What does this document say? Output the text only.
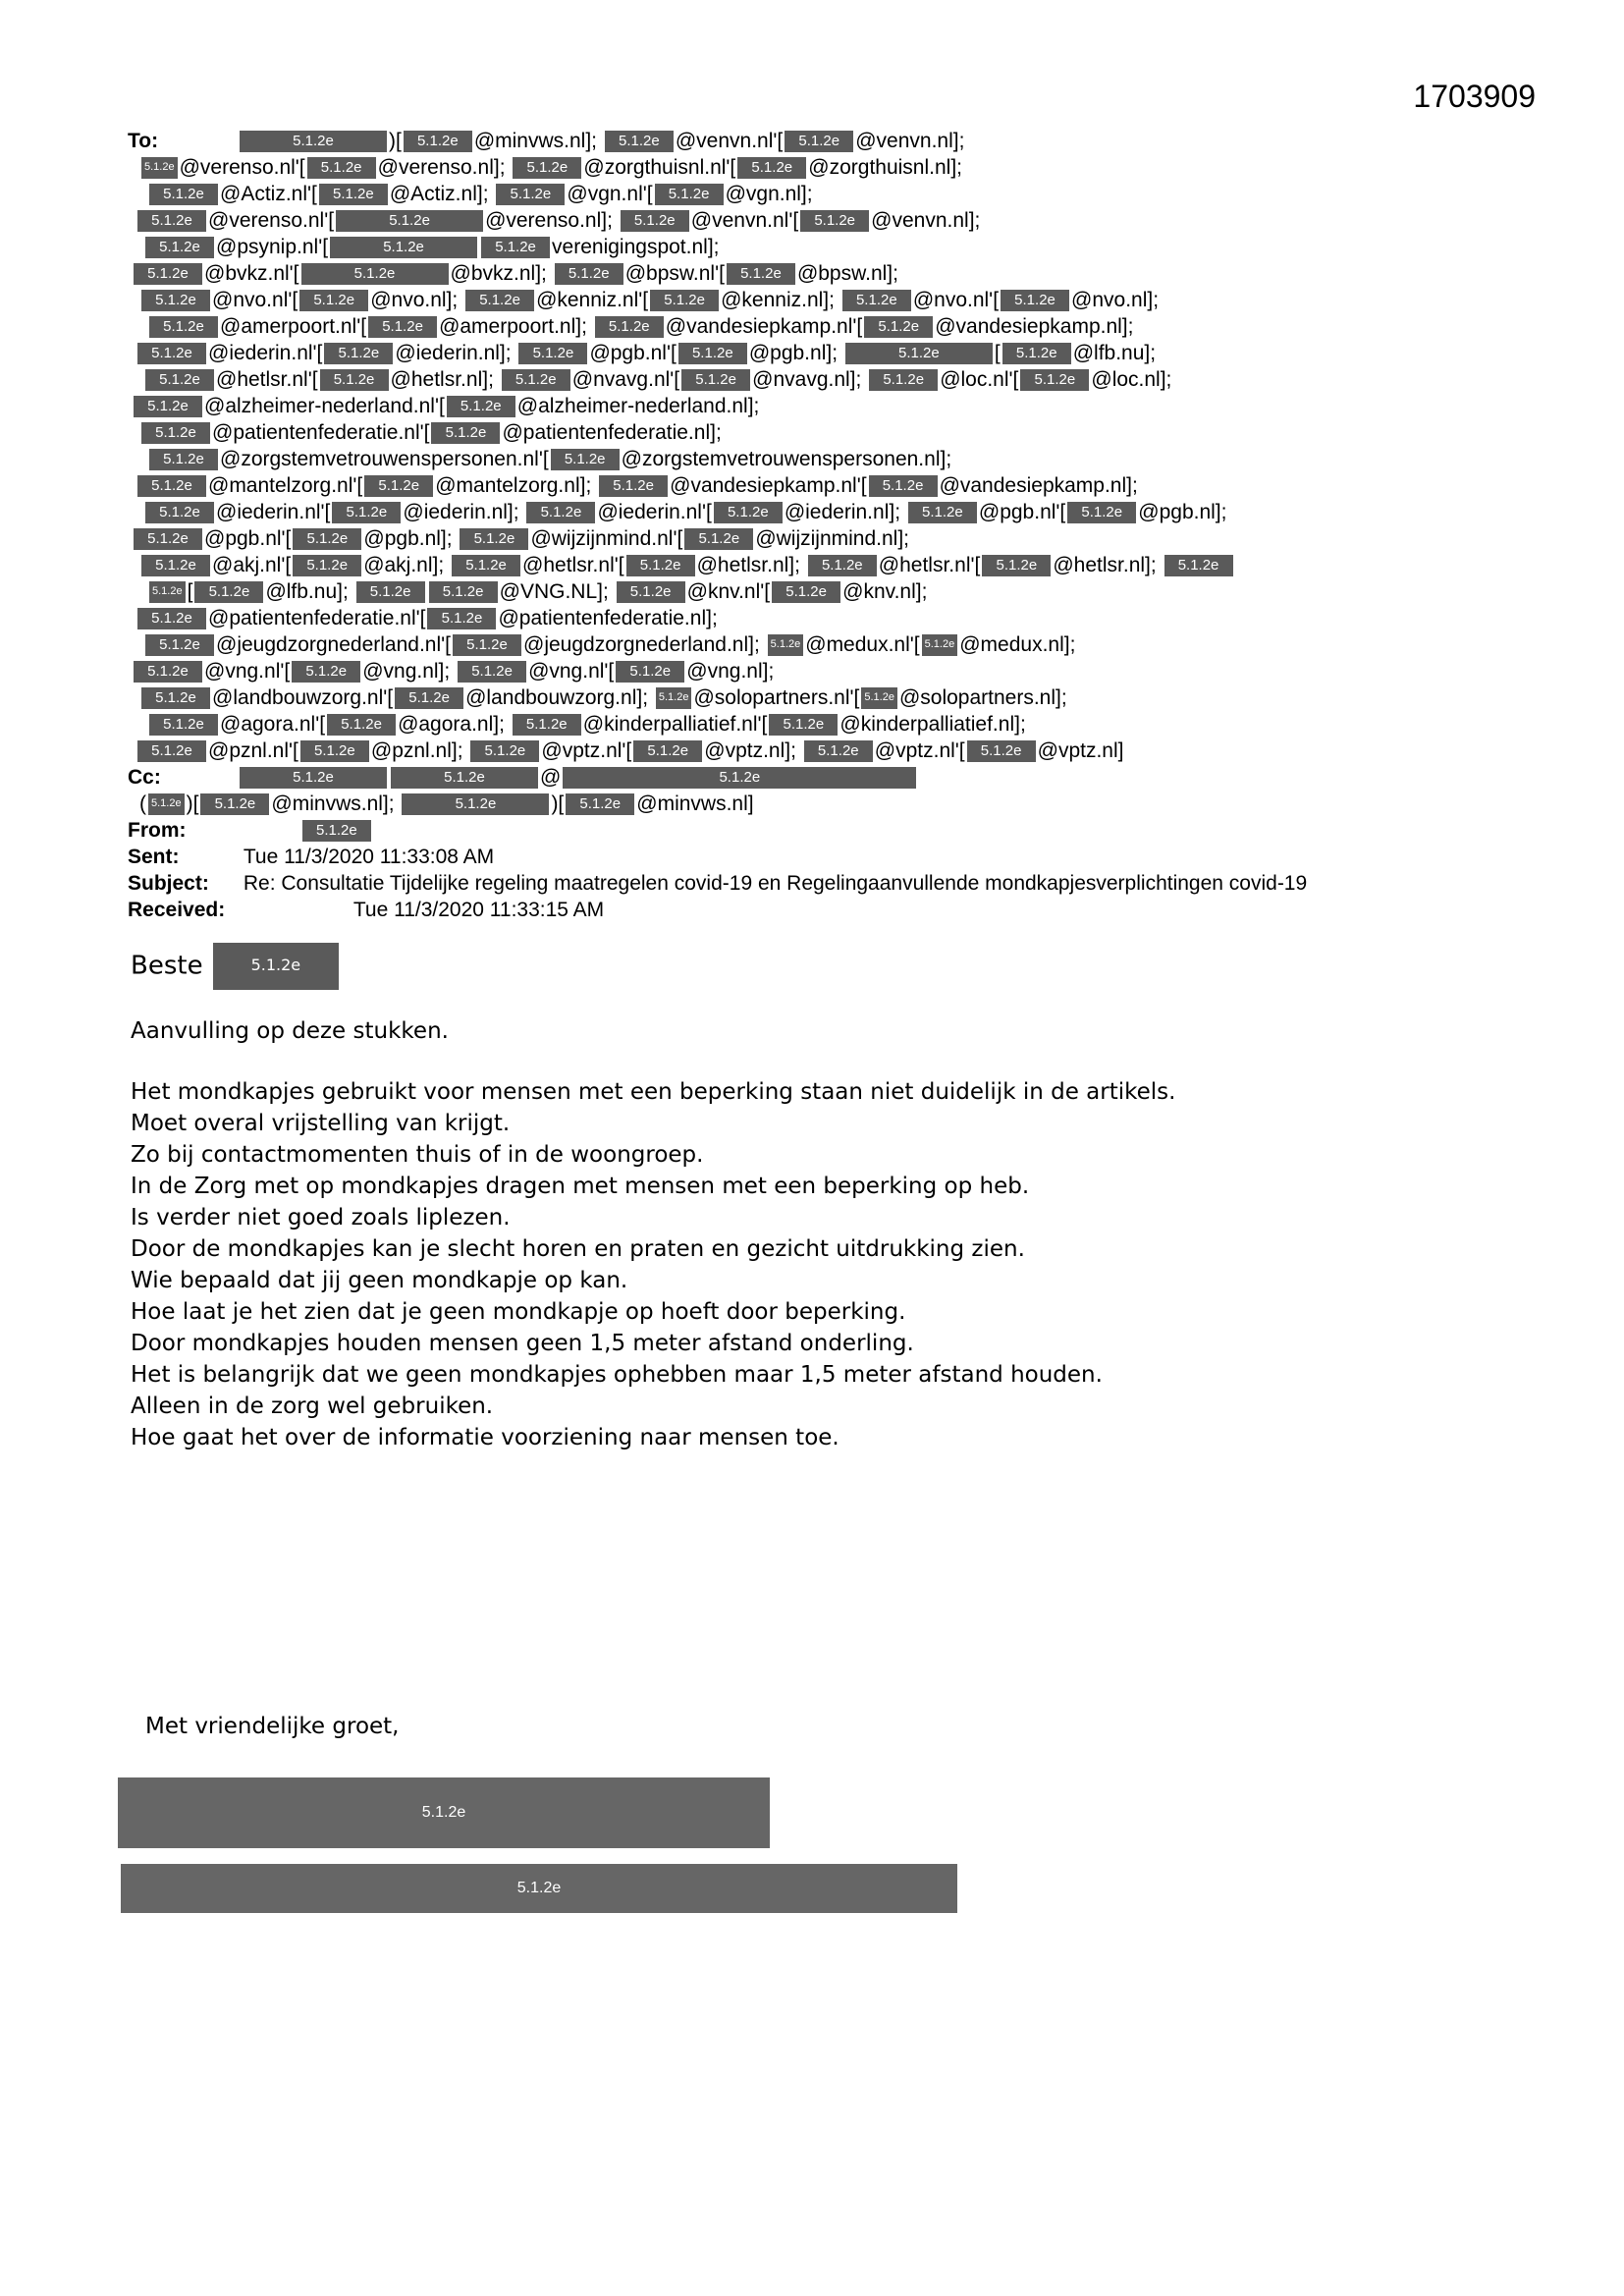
1703909
To:	5.1.2e	)[ 5.1.2e @minvws.nl]; 5.1.2e @venvn.nl'[ 5.1.2e @venvn.nl];
5.1.2e @verenso.nl'[ 5.1.2e @verenso.nl]; 5.1.2e @zorgthuisnl.nl'[ 5.1.2e @zorgthuisnl.nl];
5.1.2e @Actiz.nl'[ 5.1.2e @Actiz.nl]; 5.1.2e @vgn.nl'[ 5.1.2e @vgn.nl];
5.1.2e @verenso.nl'[	5.1.2e	@verenso.nl]; 5.1.2e @venvn.nl'[ 5.1.2e @venvn.nl];
5.1.2e @psynip.nl'[	5.1.2e	5.1.2e verenigingspot.nl];
5.1.2e @bvkz.nl'[	5.1.2e	@bvkz.nl]; 5.1.2e @bpsw.nl'[ 5.1.2e @bpsw.nl];
5.1.2e @nvo.nl'[ 5.1.2e @nvo.nl]; 5.1.2e @kenniz.nl'[ 5.1.2e @kenniz.nl]; 5.1.2e @nvo.nl'[ 5.1.2e @nvo.nl];
5.1.2e @amerpoort.nl'[ 5.1.2e @amerpoort.nl]; 5.1.2e @vandesiepkamp.nl'[ 5.1.2e @vandesiepkamp.nl];
5.1.2e @iederin.nl'[ 5.1.2e @iederin.nl]; 5.1.2e @pgb.nl'[ 5.1.2e @pgb.nl];	5.1.2e	[ 5.1.2e @lfb.nu];
5.1.2e @hetlsr.nl'[ 5.1.2e @hetlsr.nl]; 5.1.2e @nvavg.nl'[ 5.1.2e @nvavg.nl]; 5.1.2e @loc.nl'[ 5.1.2e @loc.nl];
5.1.2e @alzheimer-nederland.nl'[ 5.1.2e @alzheimer-nederland.nl];
5.1.2e @patientenfederatie.nl'[ 5.1.2e @patientenfederatie.nl];
5.1.2e @zorgstemvetrouwenspersonen.nl'[ 5.1.2e @zorgstemvetrouwenspersonen.nl];
5.1.2e @mantelzorg.nl'[ 5.1.2e @mantelzorg.nl]; 5.1.2e @vandesiepkamp.nl'[ 5.1.2e @vandesiepkamp.nl];
5.1.2e @iederin.nl'[ 5.1.2e @iederin.nl]; 5.1.2e @iederin.nl'[ 5.1.2e @iederin.nl]; 5.1.2e @pgb.nl'[ 5.1.2e @pgb.nl];
5.1.2e @pgb.nl'[ 5.1.2e @pgb.nl]; 5.1.2e @wijzijnmind.nl'[ 5.1.2e @wijzijnmind.nl];
5.1.2e @akj.nl'[ 5.1.2e @akj.nl]; 5.1.2e @hetlsr.nl'[ 5.1.2e @hetlsr.nl]; 5.1.2e @hetlsr.nl'[ 5.1.2e @hetlsr.nl]; 5.1.2e
5.1.2e [ 5.1.2e @lfb.nu]; 5.1.2e 5.1.2e @VNG.NL]; 5.1.2e @knv.nl'[ 5.1.2e @knv.nl];
5.1.2e @patientenfederatie.nl'[ 5.1.2e @patientenfederatie.nl];
5.1.2e @jeugdzorgnederland.nl'[ 5.1.2e @jeugdzorgnederland.nl]; 5.1.2e @medux.nl'[ 5.1.2e @medux.nl];
5.1.2e @vng.nl'[ 5.1.2e @vng.nl]; 5.1.2e @vng.nl'[ 5.1.2e @vng.nl];
5.1.2e @landbouwzorg.nl'[ 5.1.2e @landbouwzorg.nl]; 5.1.2e @solopartners.nl'[ 5.1.2e @solopartners.nl];
5.1.2e @agora.nl'[ 5.1.2e @agora.nl]; 5.1.2e @kinderpalliatief.nl'[ 5.1.2e @kinderpalliatief.nl];
5.1.2e @pznl.nl'[ 5.1.2e @pznl.nl]; 5.1.2e @vptz.nl'[ 5.1.2e @vptz.nl]; 5.1.2e @vptz.nl'[ 5.1.2e @vptz.nl]
Cc:	5.1.2e	5.1.2e	@	5.1.2e
( 5.1.2e )[ 5.1.2e @minvws.nl];	5.1.2e	)[ 5.1.2e @minvws.nl]
From:	5.1.2e
Sent:	Tue 11/3/2020 11:33:08 AM
Subject: Re: Consultatie Tijdelijke regeling maatregelen covid-19 en Regelingaanvullende mondkapjesverplichtingen covid-19
Received:	Tue 11/3/2020 11:33:15 AM
Beste	5.1.2e
Aanvulling op deze stukken.
Het mondkapjes gebruikt voor mensen met een beperking staan niet duidelijk in de artikels.
Moet overal vrijstelling van krijgt.
Zo bij contactmomenten thuis of in de woongroep.
In de Zorg met op mondkapjes dragen met mensen met een beperking op heb.
Is verder niet goed zoals liplezen.
Door de mondkapjes kan je slecht horen en praten en gezicht uitdrukking zien.
Wie bepaald dat jij geen mondkapje op kan.
Hoe laat je het zien dat je geen mondkapje op hoeft door beperking.
Door mondkapjes houden mensen geen 1,5 meter afstand onderling.
Het is belangrijk dat we geen mondkapjes ophebben maar 1,5 meter afstand houden.
Alleen in de zorg wel gebruiken.
Hoe gaat het over de informatie voorziening naar mensen toe.
Met vriendelijke groet,
5.1.2e
5.1.2e
